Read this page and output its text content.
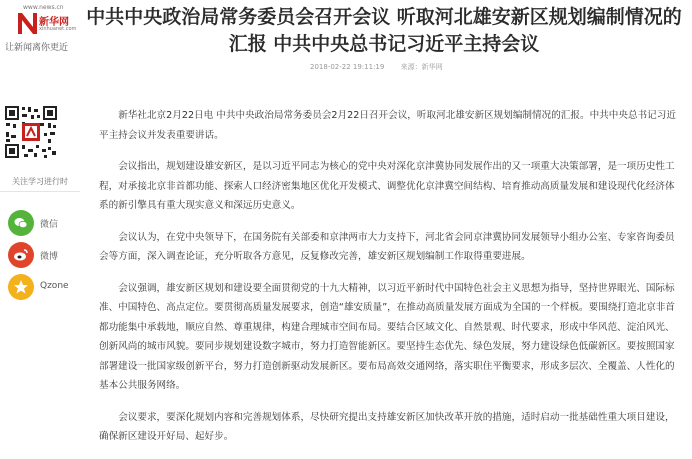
www.news.cn
N
新华网
xinhuanet.com
让新闻离你更近
中共中央政治局常务委员会召开会议 听取河北雄安新区规划编制情况的汇报 中共中央总书记习近平主持会议
2018-02-22 19:11:19 来源：新华网
关注学习进行时
微信
微博
Qzone

新华社北京2月22日电 中共中央政治局常务委员会2月22日召开会议，听取河北雄安新区规划编制情况的汇报。中共中央总书记习近平主持会议并发表重要讲话。

会议指出，规划建设雄安新区，是以习近平同志为核心的党中央对深化京津冀协同发展作出的又一项重大决策部署，是一项历史性工程，对承接北京非首都功能、探索人口经济密集地区优化开发模式、调整优化京津冀空间结构、培育推动高质量发展和建设现代化经济体系的新引擎具有重大现实意义和深远历史意义。

会议认为，在党中央领导下，在国务院有关部委和京津两市大力支持下，河北省会同京津冀协同发展领导小组办公室、专家咨询委员会等方面，深入调查论证，充分听取各方意见，反复修改完善，雄安新区规划编制工作取得重要进展。

会议强调，雄安新区规划和建设要全面贯彻党的十九大精神，以习近平新时代中国特色社会主义思想为指导，坚持世界眼光、国际标准、中国特色、高点定位。要贯彻高质量发展要求，创造“雄安质量”，在推动高质量发展方面成为全国的一个样板。要围绕打造北京非首都功能集中承载地，顺应自然、尊重规律，构建合理城市空间布局。要结合区域文化、自然景观、时代要求，形成中华风范、淀泊风光、创新风尚的城市风貌。要同步规划建设数字城市，努力打造智能新区。要坚持生态优先、绿色发展，努力建设绿色低碳新区。要按照国家部署建设一批国家级创新平台，努力打造创新驱动发展新区。要布局高效交通网络，落实职住平衡要求，形成多层次、全覆盖、人性化的基本公共服务网络。

会议要求，要深化规划内容和完善规划体系，尽快研究提出支持雄安新区加快改革开放的措施，适时启动一批基础性重大项目建设，确保新区建设开好局、起好步。
